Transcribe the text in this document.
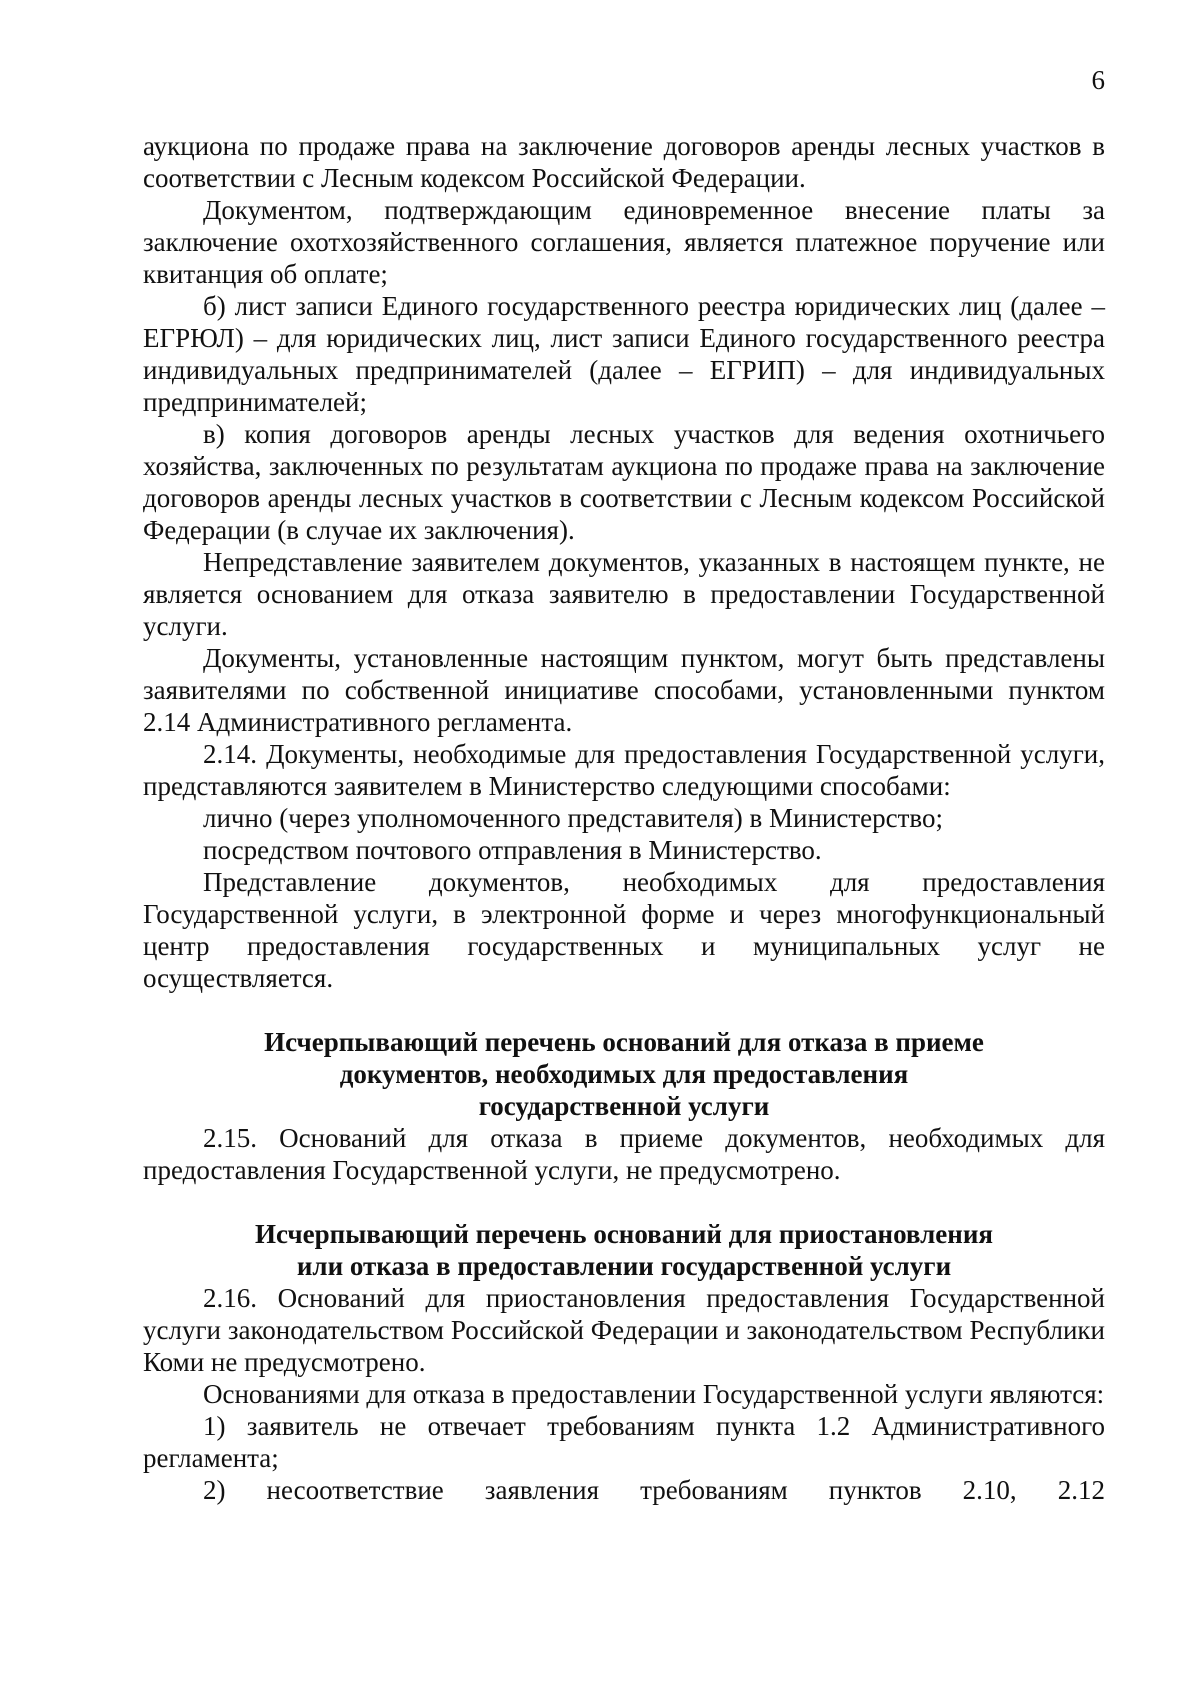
6

аукциона по продаже права на заключение договоров аренды лесных участков в соответствии с Лесным кодексом Российской Федерации.

Документом, подтверждающим единовременное внесение платы за заключение охотхозяйственного соглашения, является платежное поручение или квитанция об оплате;

б) лист записи Единого государственного реестра юридических лиц (далее – ЕГРЮЛ) – для юридических лиц, лист записи Единого государственного реестра индивидуальных предпринимателей (далее – ЕГРИП) – для индивидуальных предпринимателей;

в) копия договоров аренды лесных участков для ведения охотничьего хозяйства, заключенных по результатам аукциона по продаже права на заключение договоров аренды лесных участков в соответствии с Лесным кодексом Российской Федерации (в случае их заключения).

Непредставление заявителем документов, указанных в настоящем пункте, не является основанием для отказа заявителю в предоставлении Государственной услуги.

Документы, установленные настоящим пунктом, могут быть представлены заявителями по собственной инициативе способами, установленными пунктом 2.14 Административного регламента.

2.14. Документы, необходимые для предоставления Государственной услуги, представляются заявителем в Министерство следующими способами:

лично (через уполномоченного представителя) в Министерство;

посредством почтового отправления в Министерство.

Представление документов, необходимых для предоставления Государственной услуги, в электронной форме и через многофункциональный центр предоставления государственных и муниципальных услуг не осуществляется.

Исчерпывающий перечень оснований для отказа в приеме
документов, необходимых для предоставления
государственной услуги

2.15. Оснований для отказа в приеме документов, необходимых для предоставления Государственной услуги, не предусмотрено.

Исчерпывающий перечень оснований для приостановления
или отказа в предоставлении государственной услуги

2.16. Оснований для приостановления предоставления Государственной услуги законодательством Российской Федерации и законодательством Республики Коми не предусмотрено.

Основаниями для отказа в предоставлении Государственной услуги являются:

1) заявитель не отвечает требованиям пункта 1.2 Административного регламента;

2) несоответствие заявления требованиям пунктов 2.10, 2.12
